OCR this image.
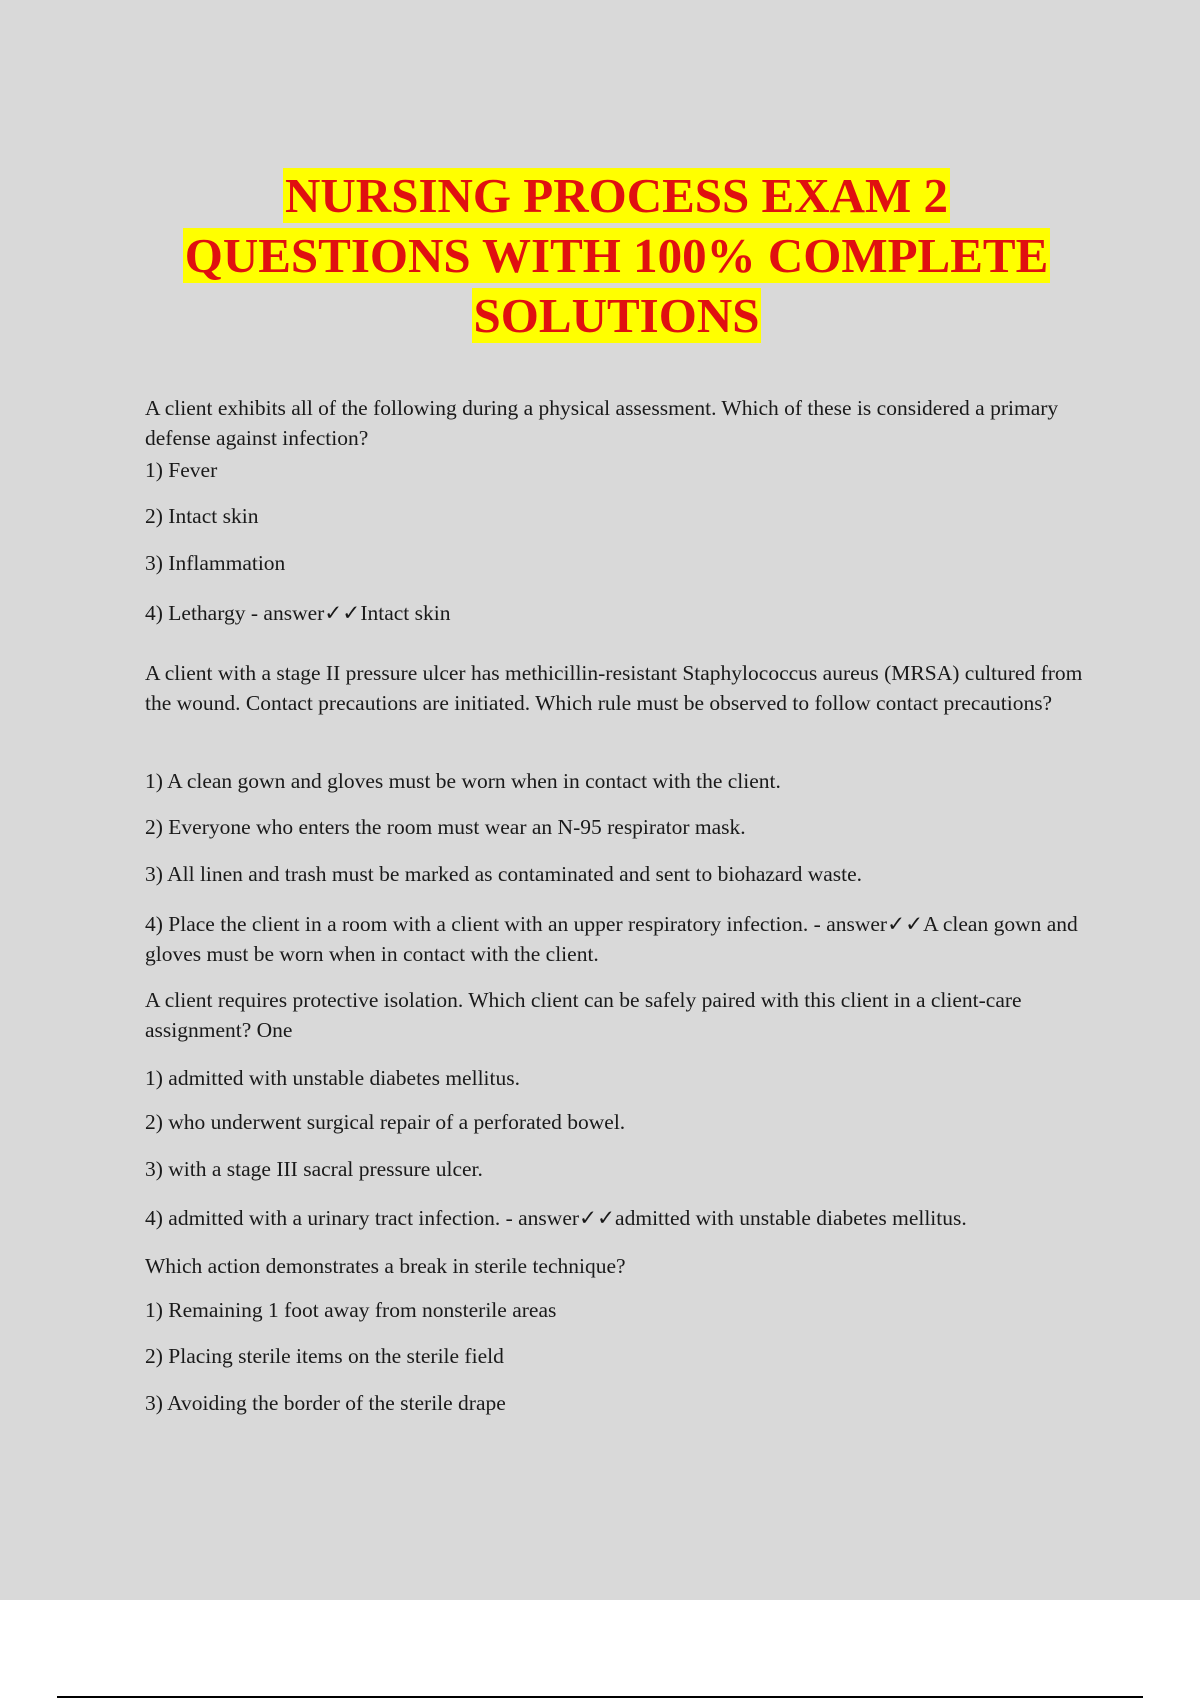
NURSING PROCESS EXAM 2
QUESTIONS WITH 100% COMPLETE
SOLUTIONS

A client exhibits all of the following during a physical assessment. Which of these is considered a primary defense against infection?

1) Fever

2) Intact skin

3) Inflammation

4) Lethargy - answer✓✓Intact skin

A client with a stage II pressure ulcer has methicillin-resistant Staphylococcus aureus (MRSA) cultured from the wound. Contact precautions are initiated. Which rule must be observed to follow contact precautions?

1) A clean gown and gloves must be worn when in contact with the client.

2) Everyone who enters the room must wear an N-95 respirator mask.

3) All linen and trash must be marked as contaminated and sent to biohazard waste.

4) Place the client in a room with a client with an upper respiratory infection. - answer✓✓A clean gown and gloves must be worn when in contact with the client.

A client requires protective isolation. Which client can be safely paired with this client in a client-care assignment? One

1) admitted with unstable diabetes mellitus.

2) who underwent surgical repair of a perforated bowel.

3) with a stage III sacral pressure ulcer.

4) admitted with a urinary tract infection. - answer✓✓admitted with unstable diabetes mellitus.

Which action demonstrates a break in sterile technique?

1) Remaining 1 foot away from nonsterile areas

2) Placing sterile items on the sterile field

3) Avoiding the border of the sterile drape
